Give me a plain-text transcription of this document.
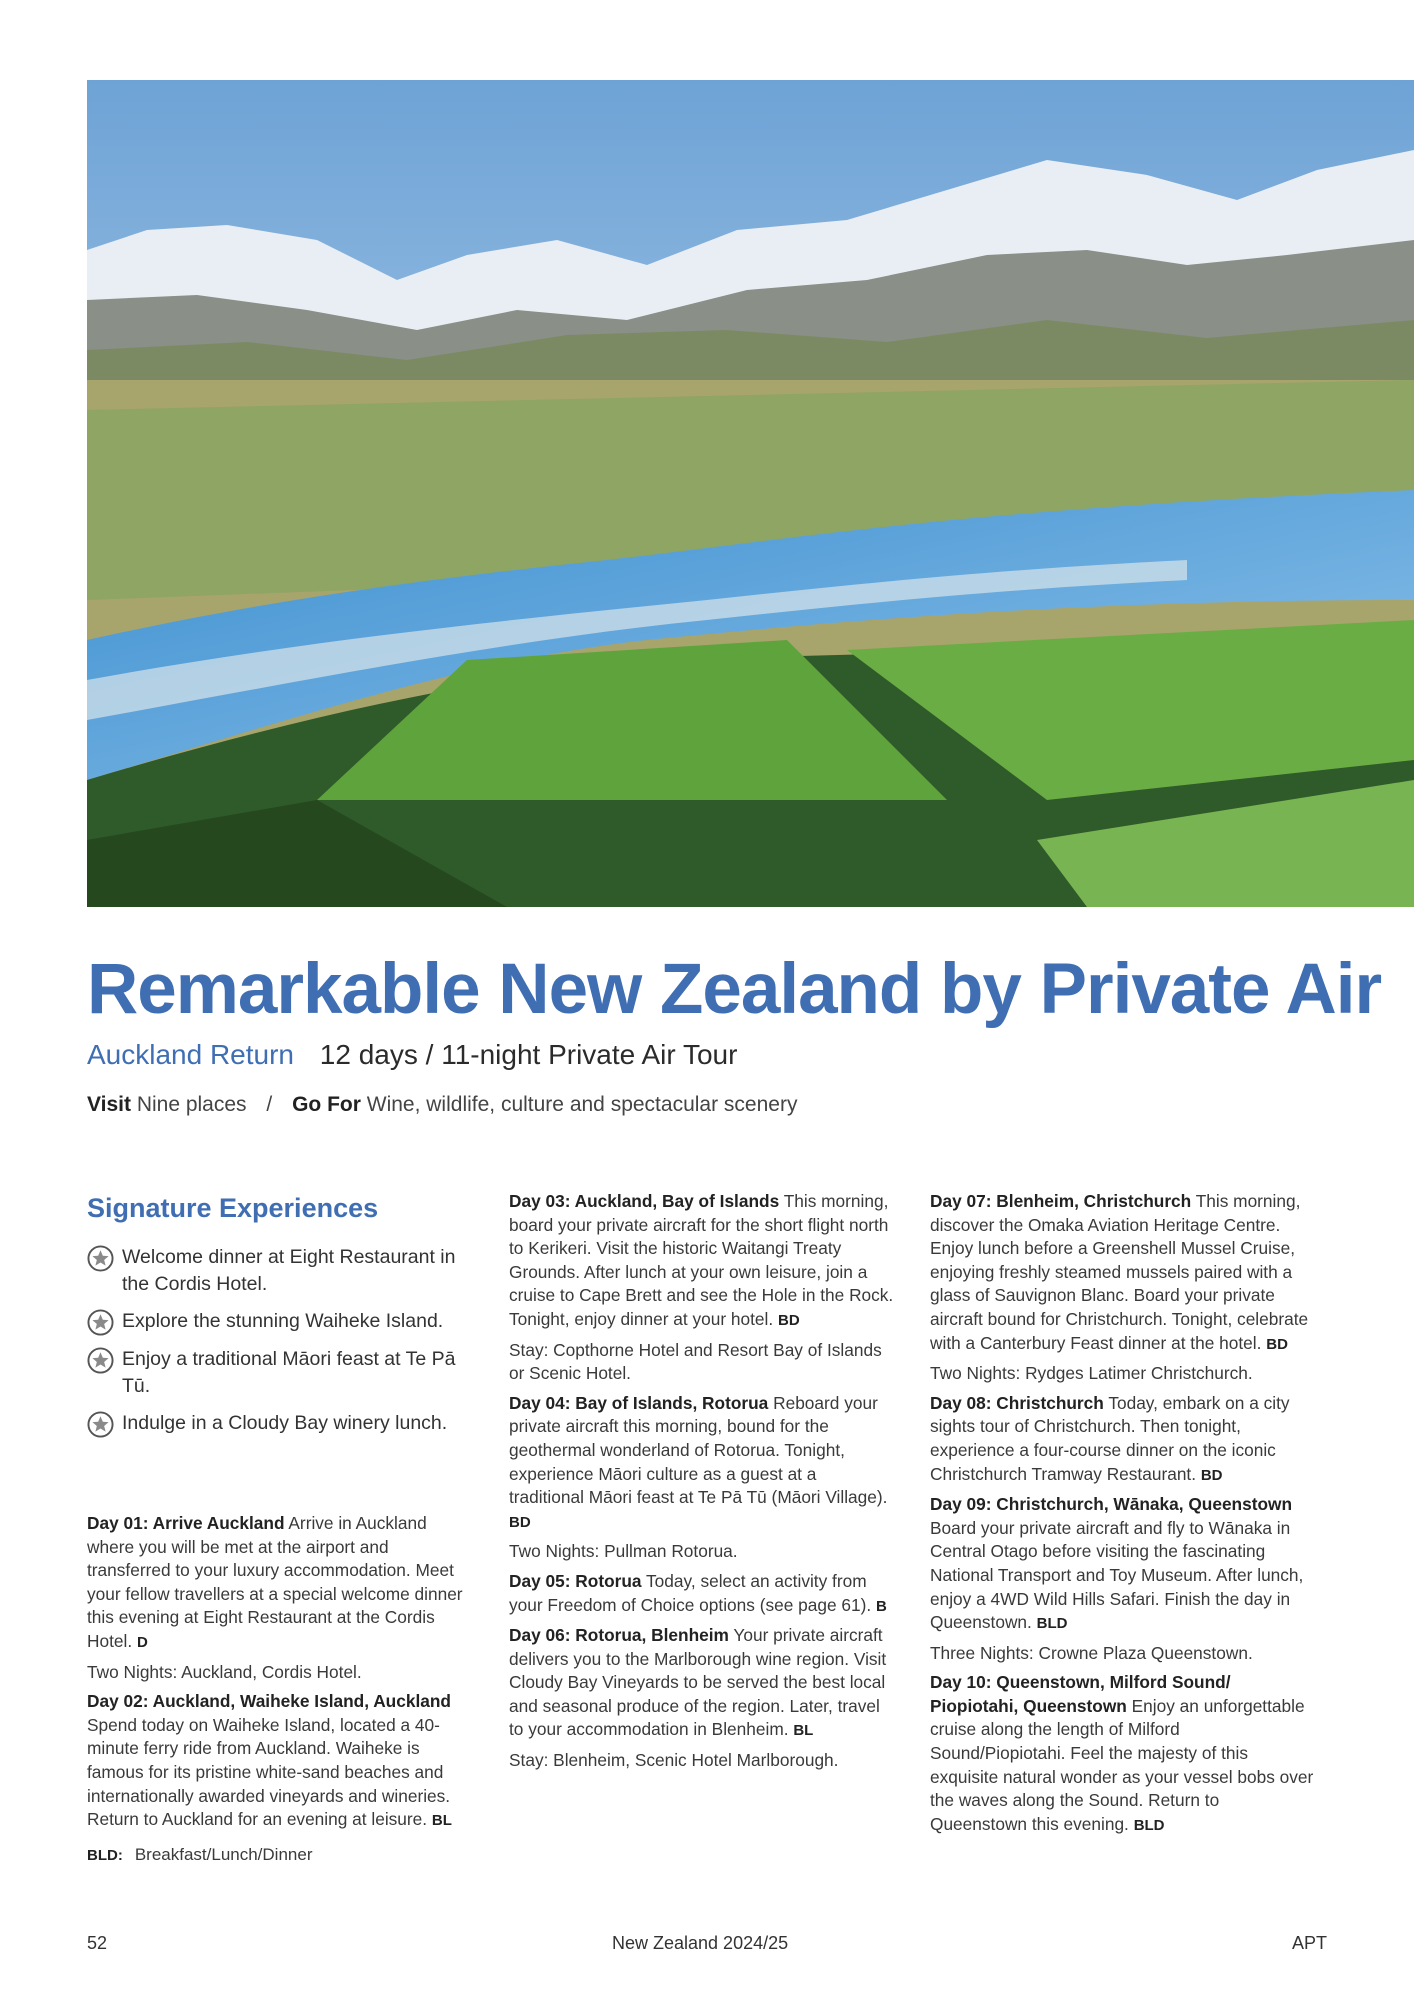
Remarkable New Zealand by Private Air
Auckland Return 12 days / 11-night Private Air Tour
Visit Nine places / Go For Wine, wildlife, culture and spectacular scenery
Signature Experiences
Welcome dinner at Eight Restaurant in the Cordis Hotel.
Explore the stunning Waiheke Island.
Enjoy a traditional Māori feast at Te Pā Tū.
Indulge in a Cloudy Bay winery lunch.

Day 01: Arrive Auckland Arrive in Auckland where you will be met at the airport and transferred to your luxury accommodation. Meet your fellow travellers at a special welcome dinner this evening at Eight Restaurant at the Cordis Hotel. D

Two Nights: Auckland, Cordis Hotel.

Day 02: Auckland, Waiheke Island, Auckland Spend today on Waiheke Island, located a 40-minute ferry ride from Auckland. Waiheke is famous for its pristine white-sand beaches and internationally awarded vineyards and wineries. Return to Auckland for an evening at leisure. BL

BLD: Breakfast/Lunch/Dinner

Day 03: Auckland, Bay of Islands This morning, board your private aircraft for the short flight north to Kerikeri. Visit the historic Waitangi Treaty Grounds. After lunch at your own leisure, join a cruise to Cape Brett and see the Hole in the Rock. Tonight, enjoy dinner at your hotel. BD

Stay: Copthorne Hotel and Resort Bay of Islands or Scenic Hotel.

Day 04: Bay of Islands, Rotorua Reboard your private aircraft this morning, bound for the geothermal wonderland of Rotorua. Tonight, experience Māori culture as a guest at a traditional Māori feast at Te Pā Tū (Māori Village). BD

Two Nights: Pullman Rotorua.

Day 05: Rotorua Today, select an activity from your Freedom of Choice options (see page 61). B

Day 06: Rotorua, Blenheim Your private aircraft delivers you to the Marlborough wine region. Visit Cloudy Bay Vineyards to be served the best local and seasonal produce of the region. Later, travel to your accommodation in Blenheim. BL

Stay: Blenheim, Scenic Hotel Marlborough.

Day 07: Blenheim, Christchurch This morning, discover the Omaka Aviation Heritage Centre. Enjoy lunch before a Greenshell Mussel Cruise, enjoying freshly steamed mussels paired with a glass of Sauvignon Blanc. Board your private aircraft bound for Christchurch. Tonight, celebrate with a Canterbury Feast dinner at the hotel. BD

Two Nights: Rydges Latimer Christchurch.

Day 08: Christchurch Today, embark on a city sights tour of Christchurch. Then tonight, experience a four-course dinner on the iconic Christchurch Tramway Restaurant. BD

Day 09: Christchurch, Wānaka, Queenstown Board your private aircraft and fly to Wānaka in Central Otago before visiting the fascinating National Transport and Toy Museum. After lunch, enjoy a 4WD Wild Hills Safari. Finish the day in Queenstown. BLD

Three Nights: Crowne Plaza Queenstown.

Day 10: Queenstown, Milford Sound/ Piopiotahi, Queenstown Enjoy an unforgettable cruise along the length of Milford Sound/Piopiotahi. Feel the majesty of this exquisite natural wonder as your vessel bobs over the waves along the Sound. Return to Queenstown this evening. BLD

52	New Zealand 2024/25	APT
